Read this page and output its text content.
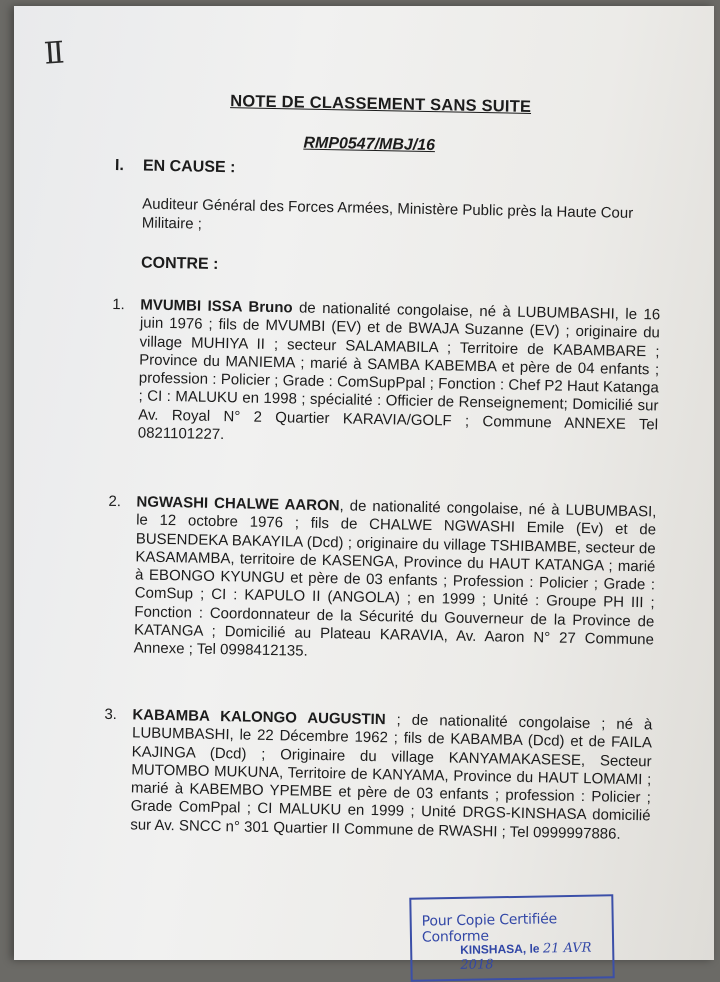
Ⅱ
NOTE DE CLASSEMENT SANS SUITE
RMP0547/MBJ/16
I. EN CAUSE :
Auditeur Général des Forces Armées, Ministère Public près la Haute Cour Militaire ;
CONTRE :
1. MVUMBI ISSA Bruno de nationalité congolaise, né à LUBUMBASHI, le 16 juin 1976 ; fils de MVUMBI (EV) et de BWAJA Suzanne (EV) ; originaire du village MUHIYA II ; secteur SALAMABILA ; Territoire de KABAMBARE ; Province du MANIEMA ; marié à SAMBA KABEMBA et père de 04 enfants ; profession : Policier ; Grade : ComSupPpal ; Fonction : Chef P2 Haut Katanga ; CI : MALUKU en 1998 ; spécialité : Officier de Renseignement; Domicilié sur Av. Royal N° 2 Quartier KARAVIA/GOLF ; Commune ANNEXE Tel 0821101227.
2. NGWASHI CHALWE AARON, de nationalité congolaise, né à LUBUMBASI, le 12 octobre 1976 ; fils de CHALWE NGWASHI Emile (Ev) et de BUSENDEKA BAKAYILA (Dcd) ; originaire du village TSHIBAMBE, secteur de KASAMAMBA, territoire de KASENGA, Province du HAUT KATANGA ; marié à EBONGO KYUNGU et père de 03 enfants ; Profession : Policier ; Grade : ComSup ; CI : KAPULO II (ANGOLA) ; en 1999 ; Unité : Groupe PH III ; Fonction : Coordonnateur de la Sécurité du Gouverneur de la Province de KATANGA ; Domicilié au Plateau KARAVIA, Av. Aaron N° 27 Commune Annexe ; Tel 0998412135.
3. KABAMBA KALONGO AUGUSTIN ; de nationalité congolaise ; né à LUBUMBASHI, le 22 Décembre 1962 ; fils de KABAMBA (Dcd) et de FAILA KAJINGA (Dcd) ; Originaire du village KANYAMAKASESE, Secteur MUTOMBO MUKUNA, Territoire de KANYAMA, Province du HAUT LOMAMI ; marié à KABEMBO YPEMBE et père de 03 enfants ; profession : Policier ; Grade ComPpal ; CI MALUKU en 1999 ; Unité DRGS-KINSHASA domicilié sur Av. SNCC n° 301 Quartier II Commune de RWASHI ; Tel 0999997886.
Pour Copie Certifiée Conforme
KINSHASA, le 21 AVR 2018
